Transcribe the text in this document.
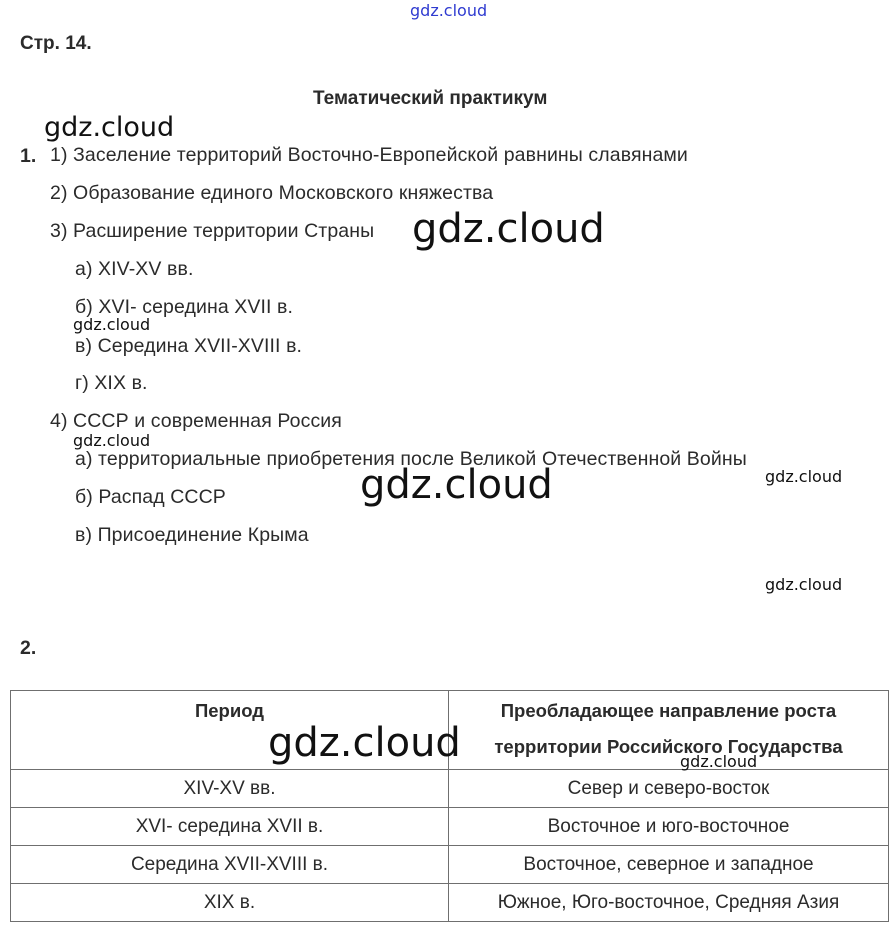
gdz.cloud
Стр. 14.
Тематический практикум
1. 1) Заселение территорий Восточно-Европейской равнины славянами
2) Образование единого Московского княжества
3) Расширение территории Страны
а) XIV-XV вв.
б) XVI- середина XVII в.
в) Середина XVII-XVIII в.
г) XIX в.
4) СССР и современная Россия
а) территориальные приобретения после Великой Отечественной Войны
б) Распад СССР
в) Присоединение Крыма
2.
Период	Преобладающее направление роста
территории Российского Государства

XIV-XV вв.	Север и северо-восток
XVI- середина XVII в.	Восточное и юго-восточное
Середина XVII-XVIII в.	Восточное, северное и западное
XIX в.	Южное, Юго-восточное, Средняя Азия
gdz.cloud
gdz.cloud
gdz.cloud
gdz.cloud
gdz.cloud
gdz.cloud
gdz.cloud
gdz.cloud	gdz.cloud
